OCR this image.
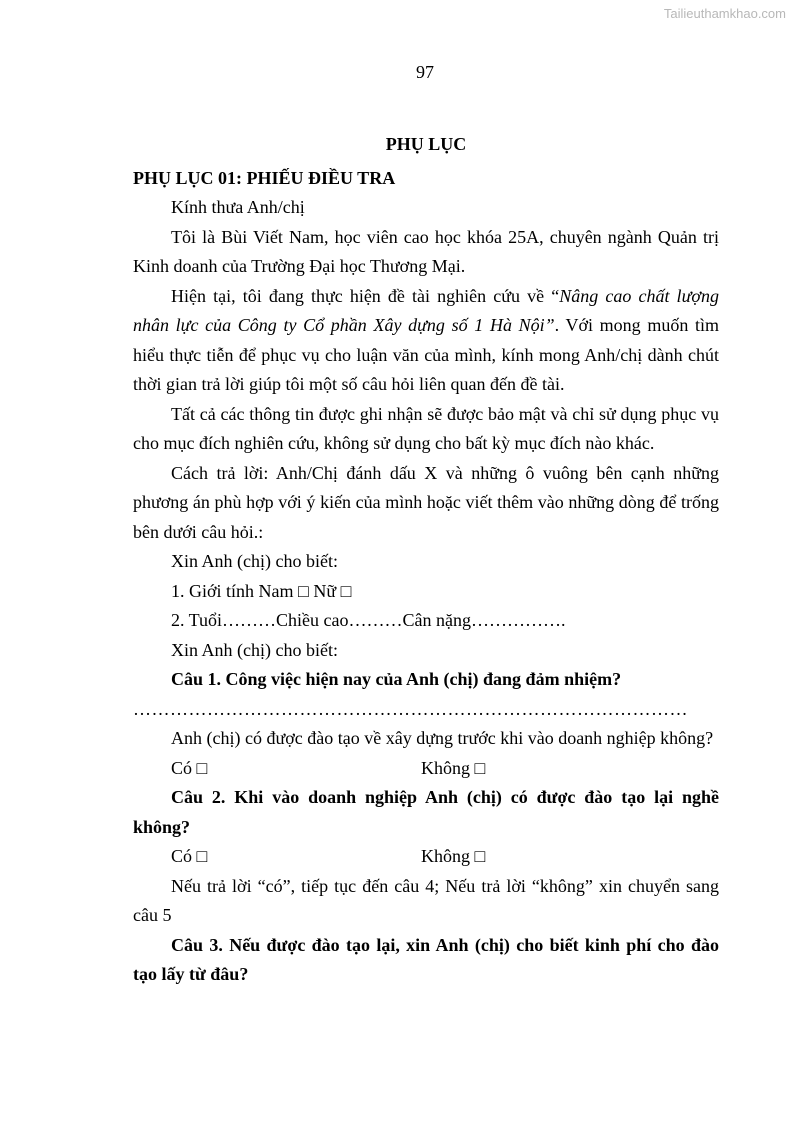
Tailieuthamkhao.com
97

PHỤ LỤC

PHỤ LỤC 01: PHIẾU ĐIỀU TRA

Kính thưa Anh/chị

Tôi là Bùi Viết Nam, học viên cao học khóa 25A, chuyên ngành Quản trị Kinh doanh của Trường Đại học Thương Mại.

Hiện tại, tôi đang thực hiện đề tài nghiên cứu về “Nâng cao chất lượng nhân lực của Công ty Cổ phần Xây dựng số 1 Hà Nội”. Với mong muốn tìm hiểu thực tiễn để phục vụ cho luận văn của mình, kính mong Anh/chị dành chút thời gian trả lời giúp tôi một số câu hỏi liên quan đến đề tài.

Tất cả các thông tin được ghi nhận sẽ được bảo mật và chỉ sử dụng phục vụ cho mục đích nghiên cứu, không sử dụng cho bất kỳ mục đích nào khác.

Cách trả lời: Anh/Chị đánh dấu X và những ô vuông bên cạnh những phương án phù hợp với ý kiến của mình hoặc viết thêm vào những dòng để trống bên dưới câu hỏi.:

Xin Anh (chị) cho biết:

1. Giới tính Nam □ Nữ □

2. Tuổi………Chiều cao………Cân nặng…………….

Xin Anh (chị) cho biết:

Câu 1. Công việc hiện nay của Anh (chị) đang đảm nhiệm?

………………………………………………………………………………

Anh (chị) có được đào tạo về xây dựng trước khi vào doanh nghiệp không?

Có □	Không □

Câu 2. Khi vào doanh nghiệp Anh (chị) có được đào tạo lại nghề không?

Có □	Không □

Nếu trả lời “có”, tiếp tục đến câu 4; Nếu trả lời “không” xin chuyển sang câu 5

Câu 3. Nếu được đào tạo lại, xin Anh (chị) cho biết kinh phí cho đào tạo lấy từ đâu?
